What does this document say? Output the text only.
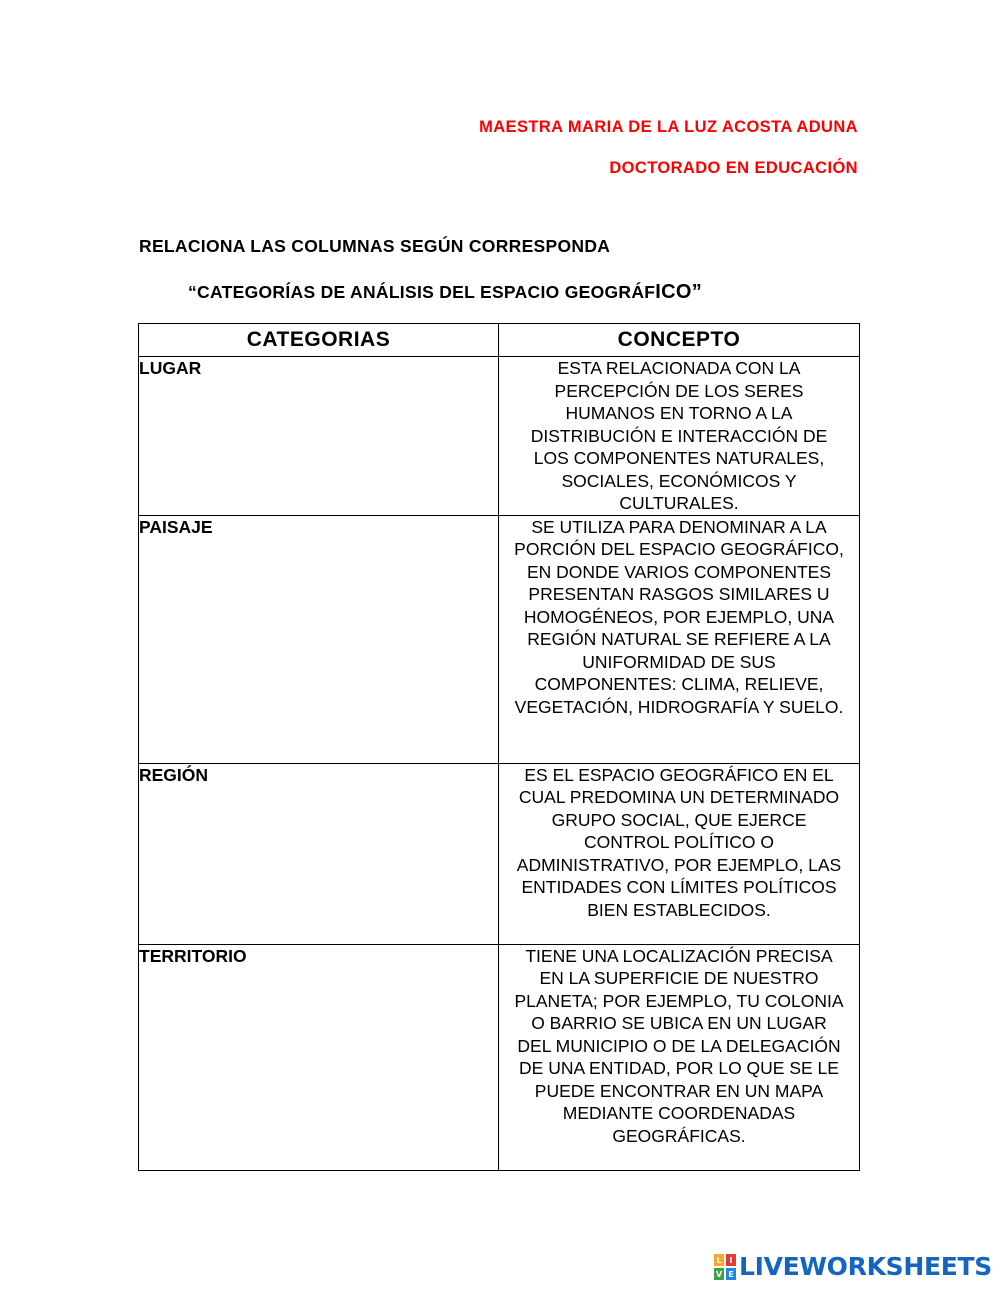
MAESTRA MARIA DE LA LUZ ACOSTA ADUNA
DOCTORADO EN EDUCACIÓN
RELACIONA LAS COLUMNAS SEGÚN CORRESPONDA
“CATEGORÍAS DE ANÁLISIS DEL ESPACIO GEOGRÁFICO”
CATEGORIAS	CONCEPTO
LUGAR	ESTA RELACIONADA CON LA PERCEPCIÓN DE LOS SERES HUMANOS EN TORNO A LA DISTRIBUCIÓN E INTERACCIÓN DE LOS COMPONENTES NATURALES, SOCIALES, ECONÓMICOS Y CULTURALES.
PAISAJE	SE UTILIZA PARA DENOMINAR A LA PORCIÓN DEL ESPACIO GEOGRÁFICO, EN DONDE VARIOS COMPONENTES PRESENTAN RASGOS SIMILARES U HOMOGÉNEOS, POR EJEMPLO, UNA REGIÓN NATURAL SE REFIERE A LA UNIFORMIDAD DE SUS COMPONENTES: CLIMA, RELIEVE, VEGETACIÓN, HIDROGRAFÍA Y SUELO.
REGIÓN	ES EL ESPACIO GEOGRÁFICO EN EL CUAL PREDOMINA UN DETERMINADO GRUPO SOCIAL, QUE EJERCE CONTROL POLÍTICO O ADMINISTRATIVO, POR EJEMPLO, LAS ENTIDADES CON LÍMITES POLÍTICOS BIEN ESTABLECIDOS.
TERRITORIO	TIENE UNA LOCALIZACIÓN PRECISA EN LA SUPERFICIE DE NUESTRO PLANETA; POR EJEMPLO, TU COLONIA O BARRIO SE UBICA EN UN LUGAR DEL MUNICIPIO O DE LA DELEGACIÓN DE UNA ENTIDAD, POR LO QUE SE LE PUEDE ENCONTRAR EN UN MAPA MEDIANTE COORDENADAS GEOGRÁFICAS.
L I
V E LIVEWORKSHEETS
